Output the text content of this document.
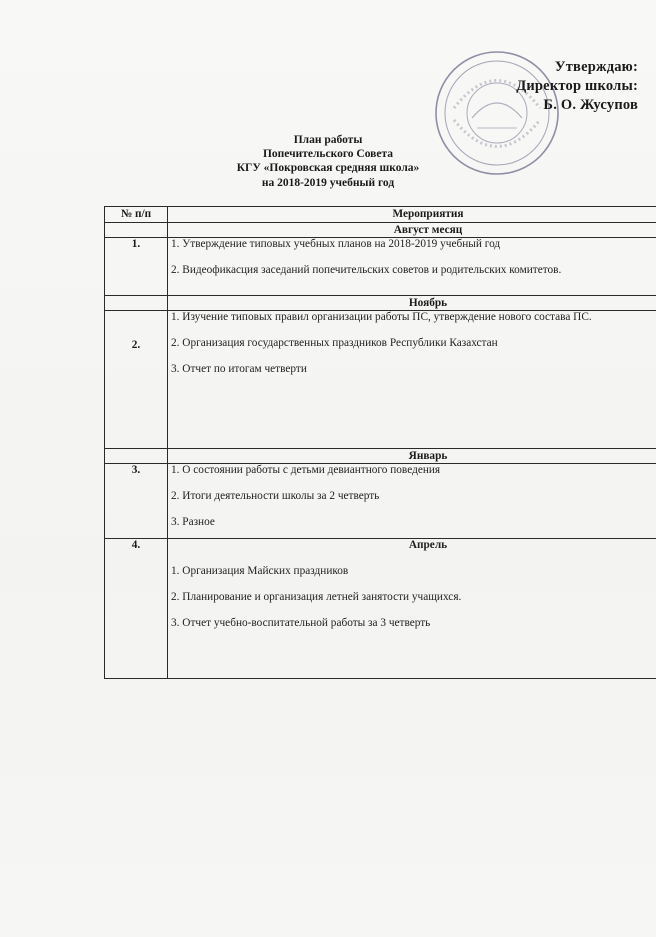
Утверждаю:
Директор школы:
Б. О. Жусупов
План работы
Попечительского Совета
КГУ «Покровская средняя школа»
на 2018-2019 учебный год
№ п/п	Мероприятия
	Август месяц
1.	1. Утверждение типовых учебных планов на 2018-2019 учебный год
2. Видеофикасция заседаний попечительских советов и родительских комитетов.

	Ноябрь
2.	1. Изучение типовых правил организации работы ПС, утверждение нового состава ПС.
2. Организация государственных праздников Республики Казахстан
3. Отчет по итогам четверти

	Январь
3.	1. О состоянии работы с детьми девиантного поведения
2. Итоги деятельности школы за 2 четверть
3. Разное

4.	Апрель
1. Организация Майских праздников
2. Планирование и организация летней занятости учащихся.
3. Отчет учебно-воспитательной работы за 3 четверть
